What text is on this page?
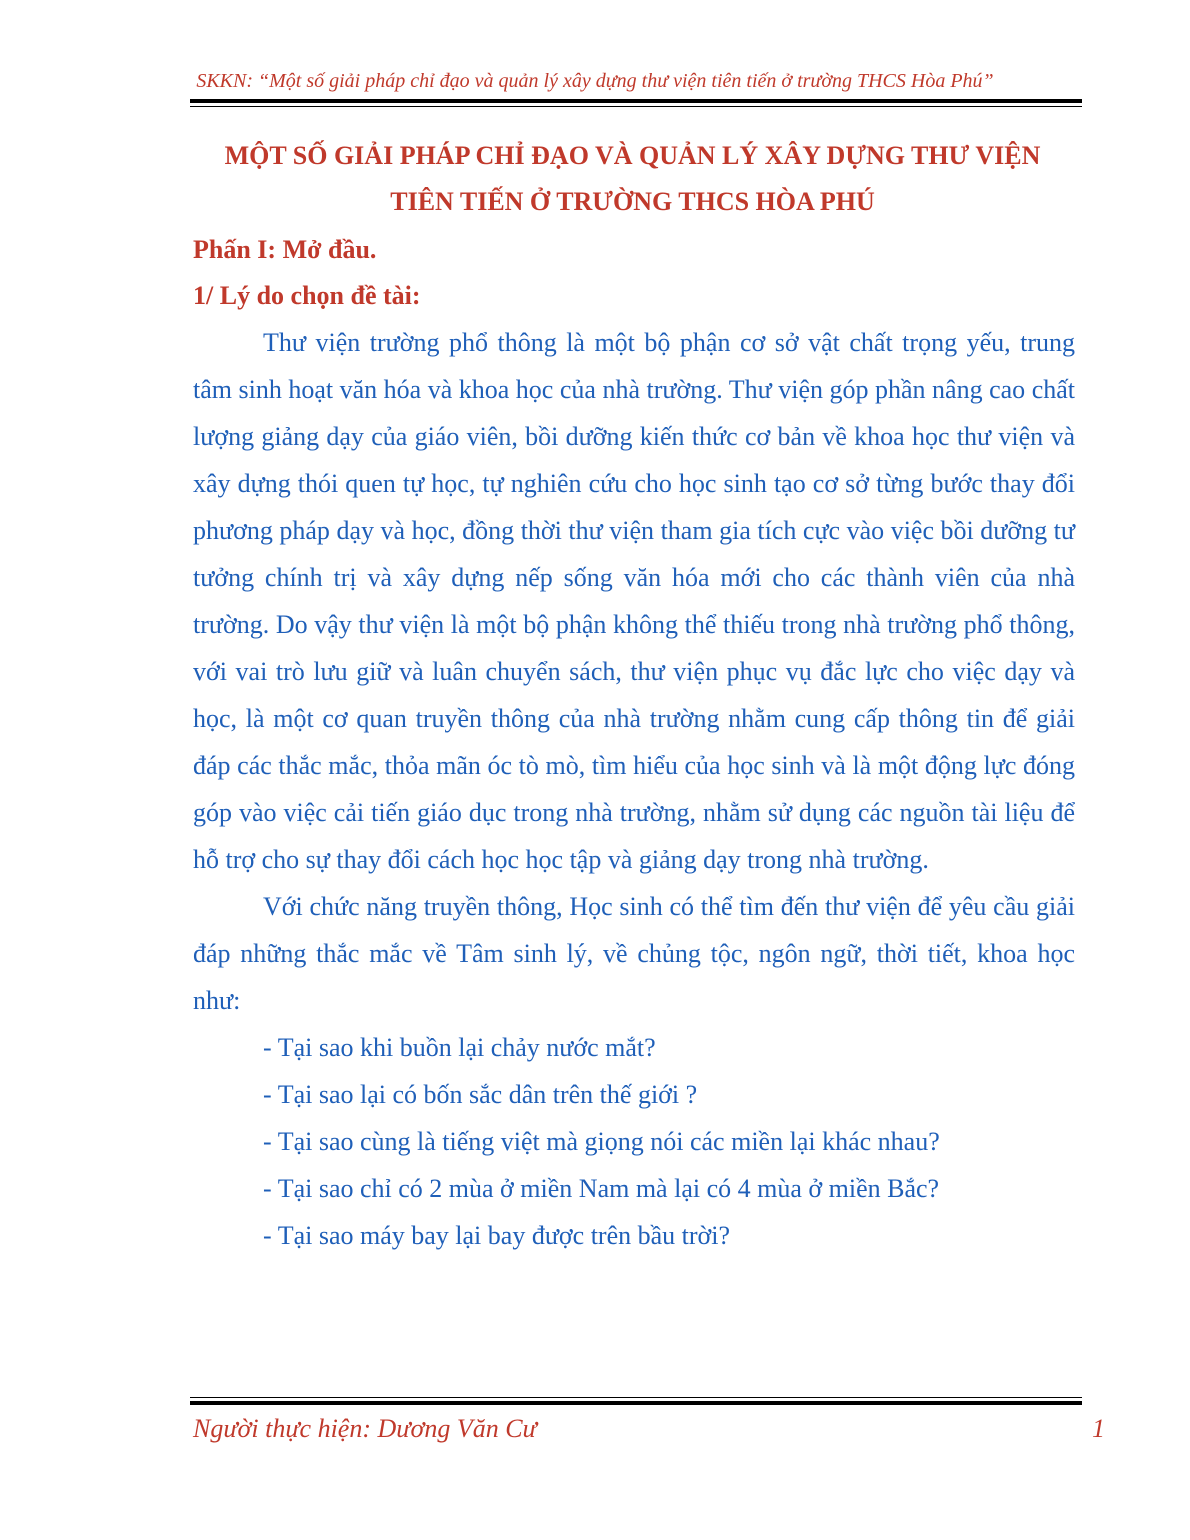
SKKN: “Một số giải pháp chỉ đạo và quản lý xây dựng thư viện tiên tiến ở trường THCS Hòa Phú”
MỘT SỐ GIẢI PHÁP CHỈ ĐẠO VÀ QUẢN LÝ XÂY DỰNG THƯ VIỆN
TIÊN TIẾN Ở TRƯỜNG THCS HÒA PHÚ
Phấn I: Mở đầu.
1/ Lý do chọn đề tài:

Thư viện trường phổ thông là một bộ phận cơ sở vật chất trọng yếu, trung tâm sinh hoạt văn hóa và khoa học của nhà trường. Thư viện góp phần nâng cao chất lượng giảng dạy của giáo viên, bồi dưỡng kiến thức cơ bản về khoa học thư viện và xây dựng thói quen tự học, tự nghiên cứu cho học sinh tạo cơ sở từng bước thay đổi phương pháp dạy và học, đồng thời thư viện tham gia tích cực vào việc bồi dưỡng tư tưởng chính trị và xây dựng nếp sống văn hóa mới cho các thành viên của nhà trường. Do vậy thư viện là một bộ phận không thể thiếu trong nhà trường phổ thông, với vai trò lưu giữ và luân chuyển sách, thư viện phục vụ đắc lực cho việc dạy và học, là một cơ quan truyền thông của nhà trường nhằm cung cấp thông tin để giải đáp các thắc mắc, thỏa mãn óc tò mò, tìm hiểu của học sinh và là một động lực đóng góp vào việc cải tiến giáo dục trong nhà trường, nhằm sử dụng các nguồn tài liệu để hỗ trợ cho sự thay đổi cách học học tập và giảng dạy trong nhà trường.

Với chức năng truyền thông, Học sinh có thể tìm đến thư viện để yêu cầu giải đáp những thắc mắc về Tâm sinh lý, về chủng tộc, ngôn ngữ, thời tiết, khoa học như:

- Tại sao khi buồn lại chảy nước mắt?
- Tại sao lại có bốn sắc dân trên thế giới ?
- Tại sao cùng là tiếng việt mà giọng nói các miền lại khác nhau?
- Tại sao chỉ có 2 mùa ở miền Nam mà lại có 4 mùa ở miền Bắc?
- Tại sao máy bay lại bay được trên bầu trời?
Người thực hiện: Dương Văn Cư	1
